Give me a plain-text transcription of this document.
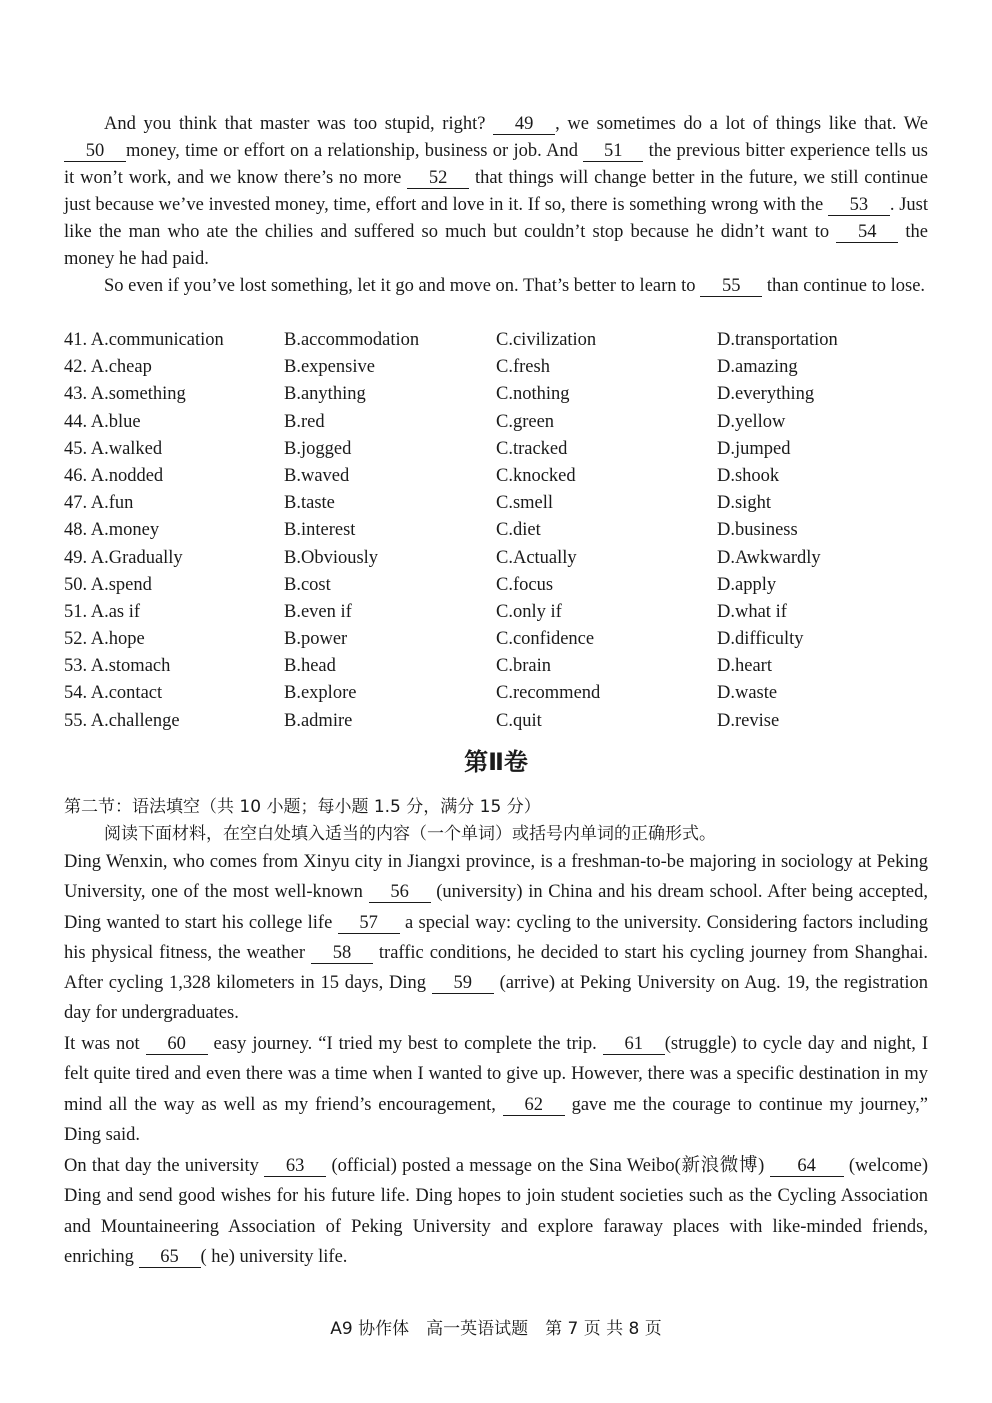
And you think that master was too stupid, right? 49 , we sometimes do a lot of things like that. We 50 money, time or effort on a relationship, business or job. And 51 the previous bitter experience tells us it won’t work, and we know there’s no more 52 that things will change better in the future, we still continue just because we’ve invested money, time, effort and love in it. If so, there is something wrong with the 53 . Just like the man who ate the chilies and suffered so much but couldn’t stop because he didn’t want to 54 the money he had paid.

So even if you’ve lost something, let it go and move on. That’s better to learn to 55 than continue to lose.

41. A.communication	B.accommodation	C.civilization	D.transportation
42. A.cheap	B.expensive	C.fresh	D.amazing
43. A.something	B.anything	C.nothing	D.everything
44. A.blue	B.red	C.green	D.yellow
45. A.walked	B.jogged	C.tracked	D.jumped
46. A.nodded	B.waved	C.knocked	D.shook
47. A.fun	B.taste	C.smell	D.sight
48. A.money	B.interest	C.diet	D.business
49. A.Gradually	B.Obviously	C.Actually	D.Awkwardly
50. A.spend	B.cost	C.focus	D.apply
51. A.as if	B.even if	C.only if	D.what if
52. A.hope	B.power	C.confidence	D.difficulty
53. A.stomach	B.head	C.brain	D.heart
54. A.contact	B.explore	C.recommend	D.waste
55. A.challenge	B.admire	C.quit	D.revise
第Ⅱ卷
第二节：语法填空（共 10 小题；每小题 1.5 分，满分 15 分）
阅读下面材料，在空白处填入适当的内容（一个单词）或括号内单词的正确形式。

Ding Wenxin, who comes from Xinyu city in Jiangxi province, is a freshman-to-be majoring in sociology at Peking University, one of the most well-known 56 (university) in China and his dream school. After being accepted, Ding wanted to start his college life 57 a special way: cycling to the university. Considering factors including his physical fitness, the weather 58 traffic conditions, he decided to start his cycling journey from Shanghai. After cycling 1,328 kilometers in 15 days, Ding 59 (arrive) at Peking University on Aug. 19, the registration day for undergraduates.

It was not 60 easy journey. “I tried my best to complete the trip. 61 (struggle) to cycle day and night, I felt quite tired and even there was a time when I wanted to give up. However, there was a specific destination in my mind all the way as well as my friend’s encouragement, 62 gave me the courage to continue my journey,” Ding said.

On that day the university 63 (official) posted a message on the Sina Weibo(新浪微博) 64 (welcome) Ding and send good wishes for his future life. Ding hopes to join student societies such as the Cycling Association and Mountaineering Association of Peking University and explore faraway places with like-minded friends, enriching 65 ( he) university life.

A9 协作体　高一英语试题　第 7 页 共 8 页
